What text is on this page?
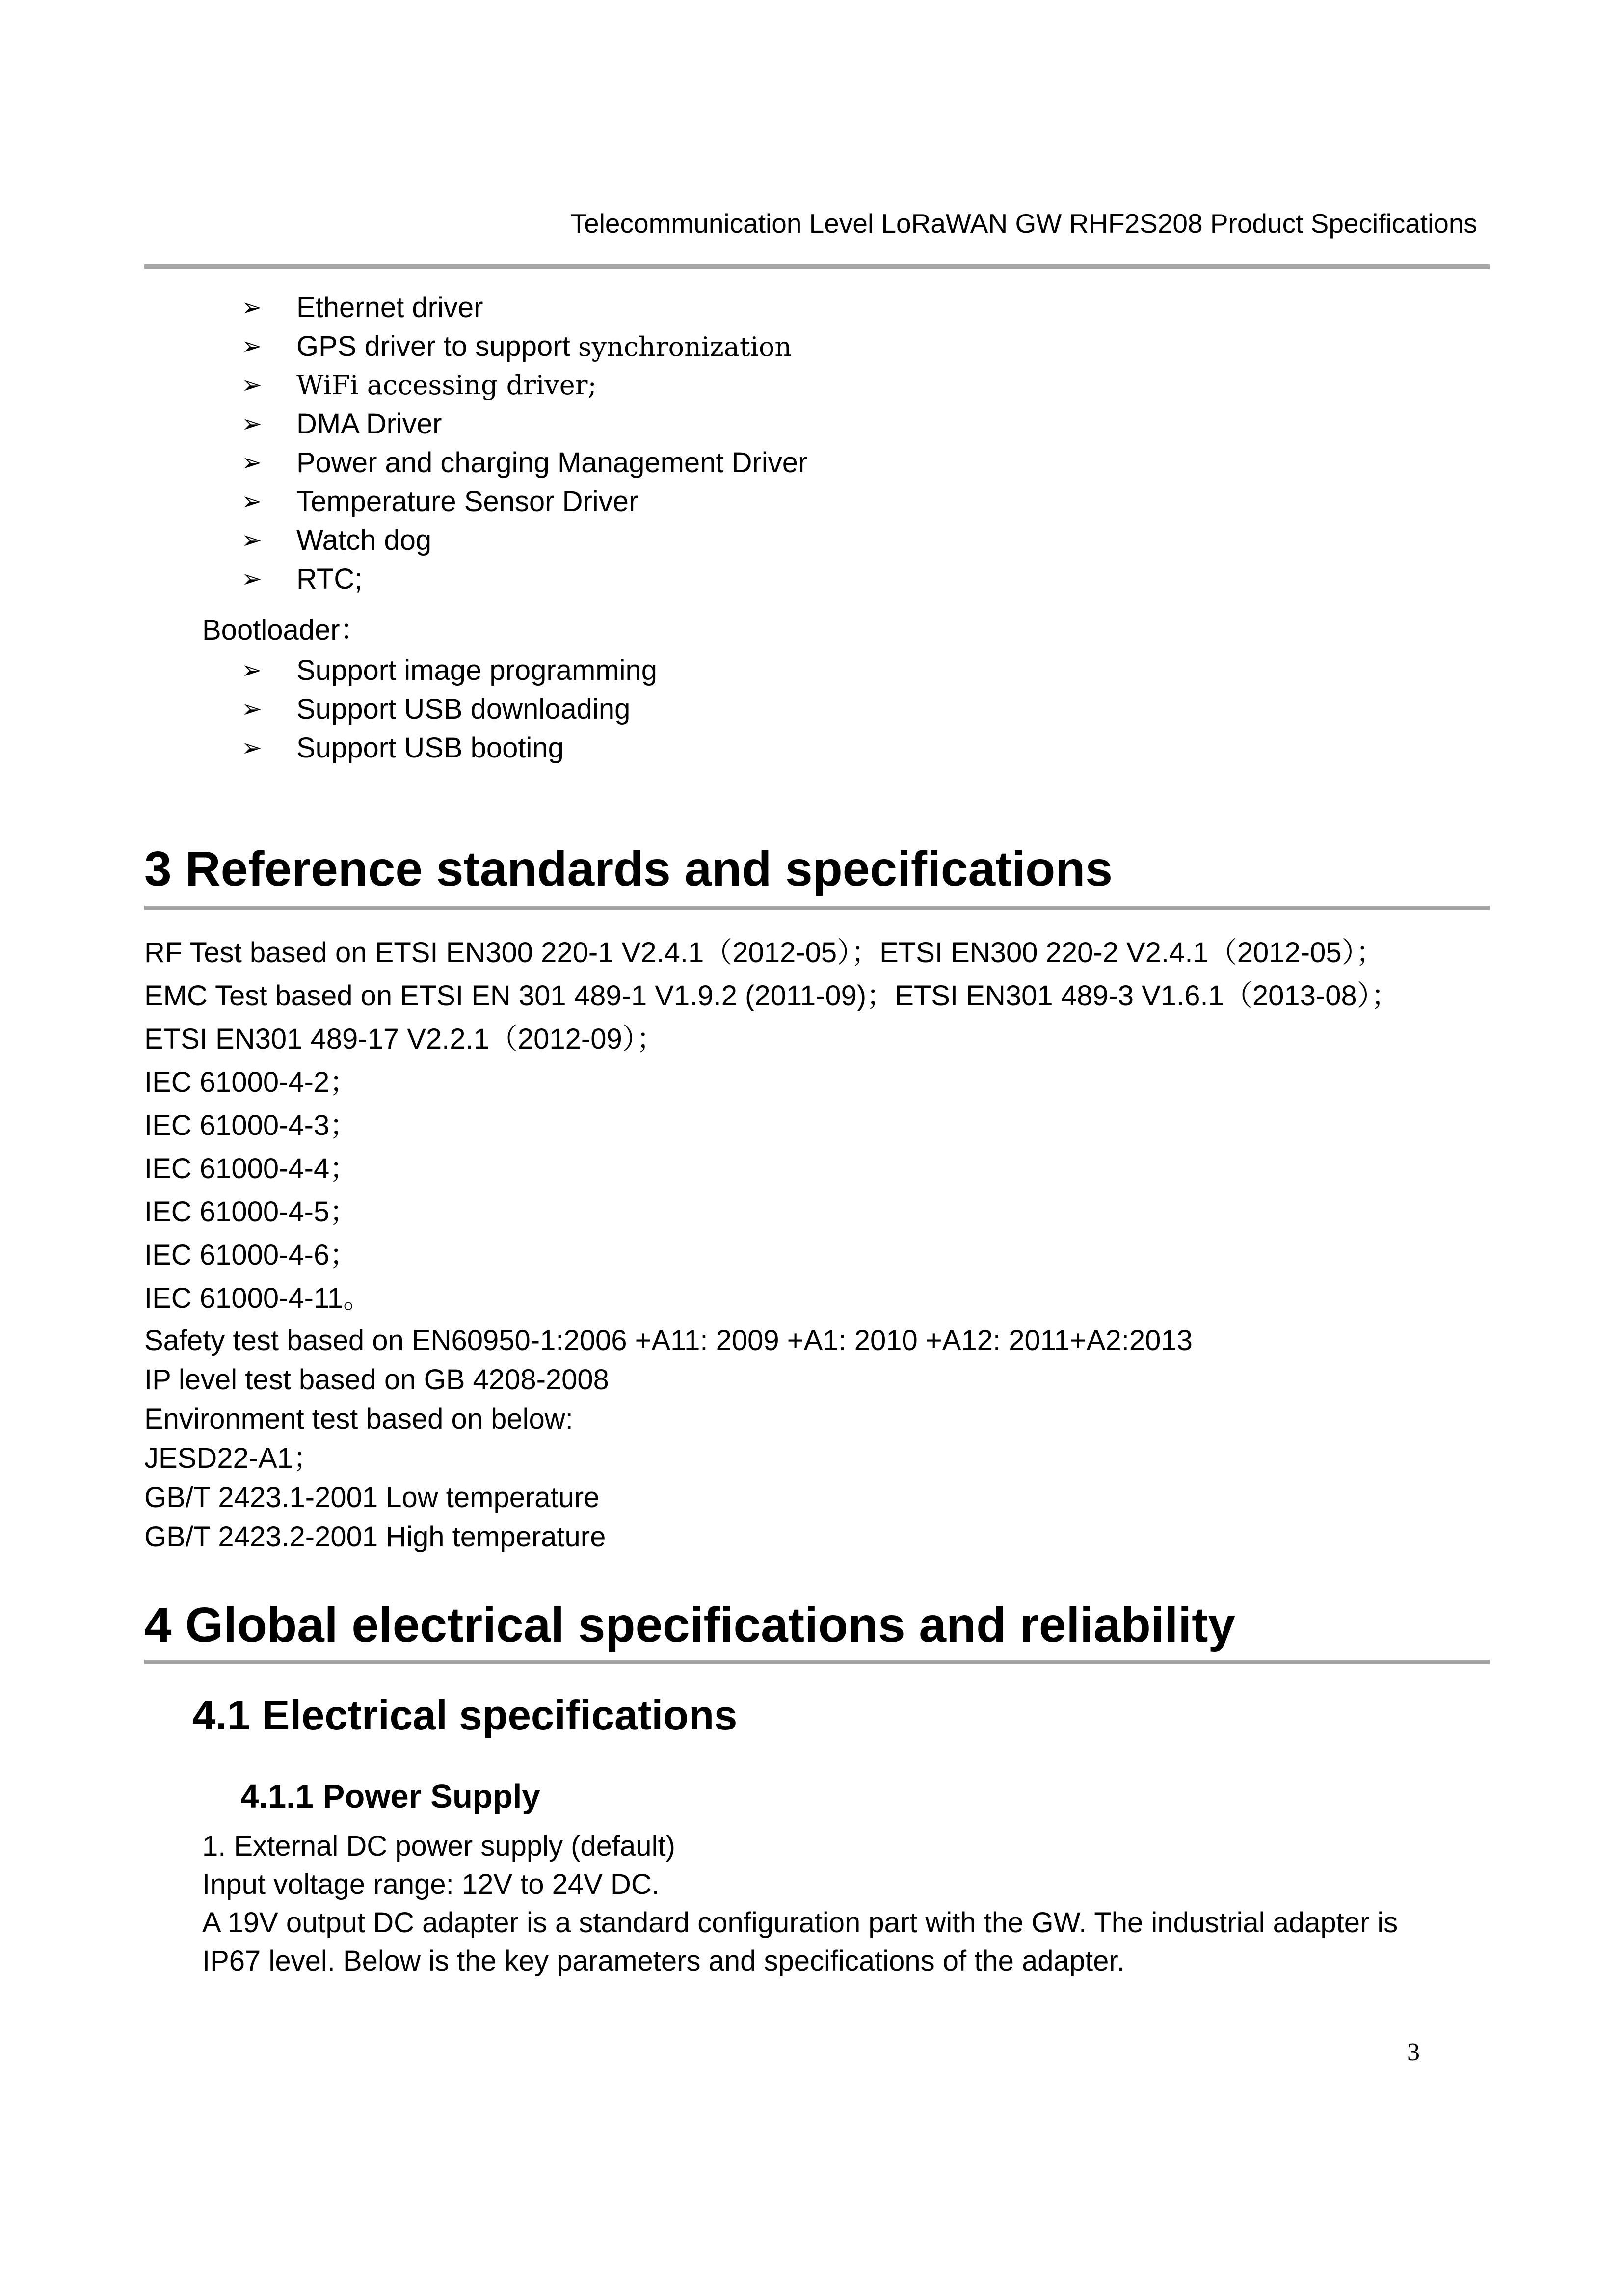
Telecommunication Level LoRaWAN GW RHF2S208 Product Specifications
➢ Ethernet driver
➢ GPS driver to support synchronization
➢ WiFi accessing driver;
➢ DMA Driver
➢ Power and charging Management Driver
➢ Temperature Sensor Driver
➢ Watch dog
➢ RTC;
Bootloader：
➢ Support image programming
➢ Support USB downloading
➢ Support USB booting
3 Reference standards and specifications
RF Test based on ETSI EN300 220-1 V2.4.1（2012-05）；ETSI EN300 220-2 V2.4.1（2012-05）；
EMC Test based on ETSI EN 301 489-1 V1.9.2 (2011-09)；ETSI EN301 489-3 V1.6.1（2013-08）；
ETSI EN301 489-17 V2.2.1（2012-09）；
IEC 61000-4-2；
IEC 61000-4-3；
IEC 61000-4-4；
IEC 61000-4-5；
IEC 61000-4-6；
IEC 61000-4-11。
Safety test based on EN60950-1:2006 +A11: 2009 +A1: 2010 +A12: 2011+A2:2013
IP level test based on GB 4208-2008
Environment test based on below:
JESD22-A1；
GB/T 2423.1-2001 Low temperature
GB/T 2423.2-2001 High temperature
4 Global electrical specifications and reliability
4.1 Electrical specifications
4.1.1 Power Supply
1. External DC power supply (default)
Input voltage range: 12V to 24V DC.
A 19V output DC adapter is a standard configuration part with the GW. The industrial adapter is
IP67 level. Below is the key parameters and specifications of the adapter.
3
